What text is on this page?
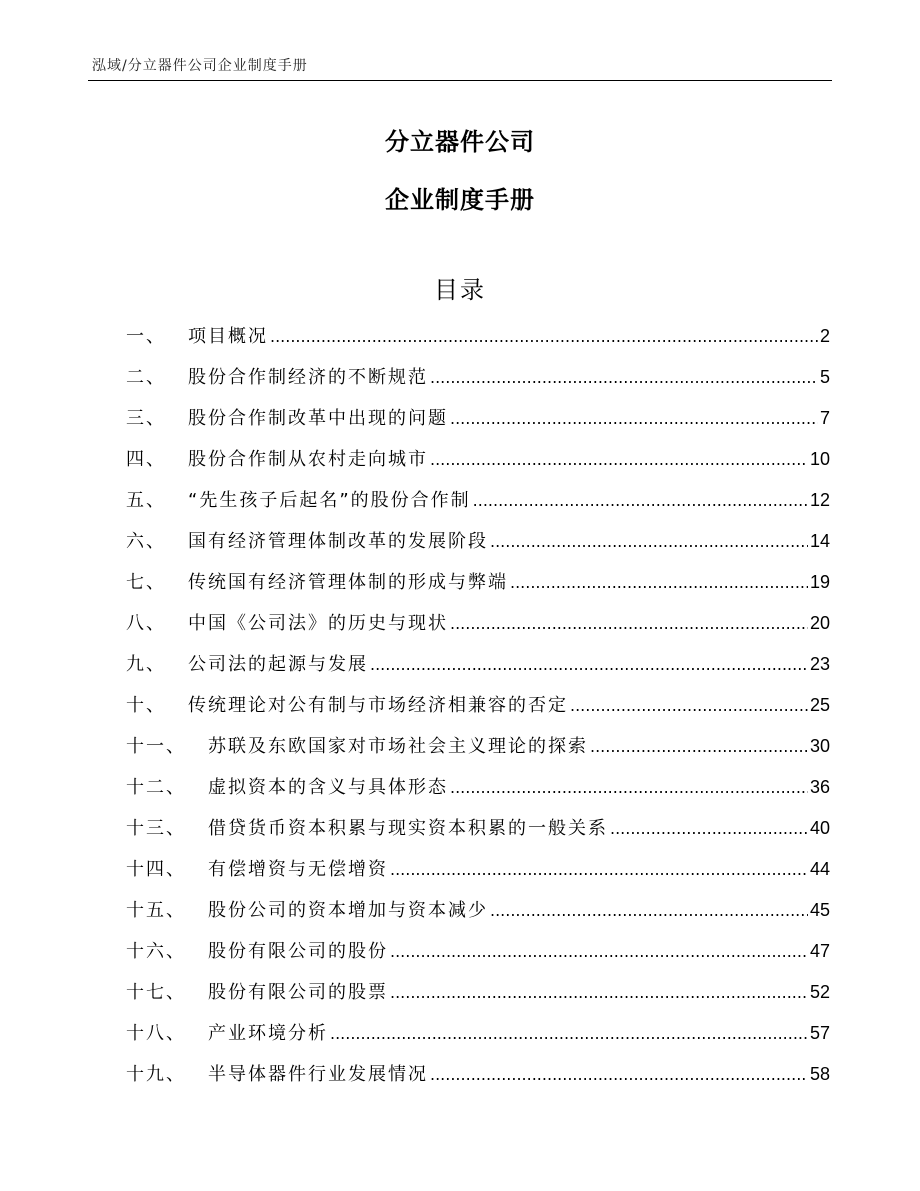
泓域/分立器件公司企业制度手册
分立器件公司
企业制度手册
目录
一、 项目概况 .....	2
二、 股份合作制经济的不断规范 .....	5
三、 股份合作制改革中出现的问题 .....	7
四、 股份合作制从农村走向城市 .....	10
五、 “先生孩子后起名”的股份合作制 .....	12
六、 国有经济管理体制改革的发展阶段 .....	14
七、 传统国有经济管理体制的形成与弊端 .....	19
八、 中国《公司法》的历史与现状 .....	20
九、 公司法的起源与发展 .....	23
十、 传统理论对公有制与市场经济相兼容的否定 .....	25
十一、 苏联及东欧国家对市场社会主义理论的探索 .....	30
十二、 虚拟资本的含义与具体形态 .....	36
十三、 借贷货币资本积累与现实资本积累的一般关系 .....	40
十四、 有偿增资与无偿增资 .....	44
十五、 股份公司的资本增加与资本减少 .....	45
十六、 股份有限公司的股份 .....	47
十七、 股份有限公司的股票 .....	52
十八、 产业环境分析 .....	57
十九、 半导体器件行业发展情况 .....	58
